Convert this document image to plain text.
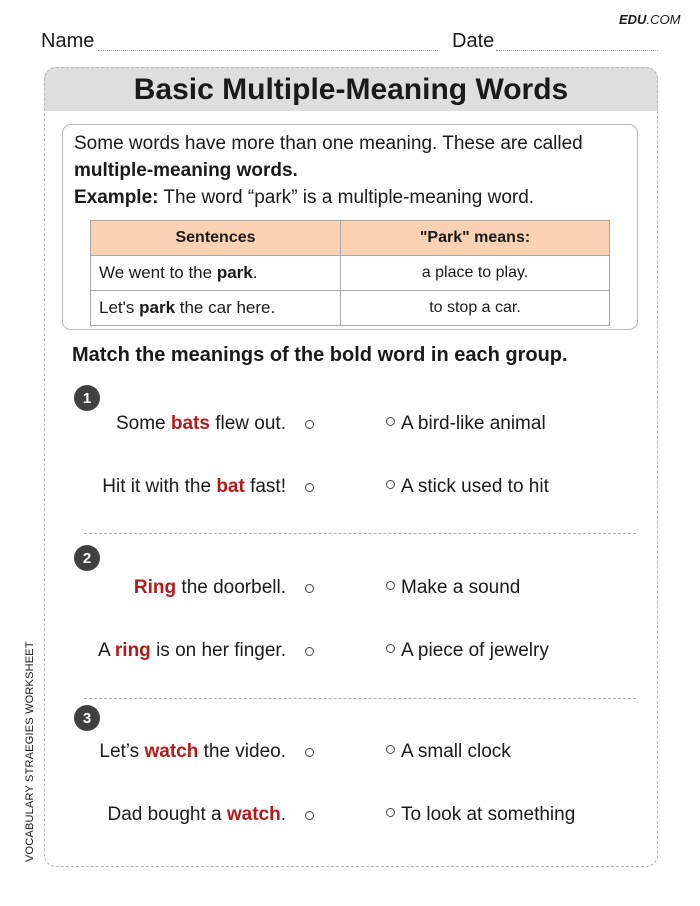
EDU.COM
Name	Date
Basic Multiple-Meaning Words

Some words have more than one meaning. These are called

multiple-meaning words.

Example: The word “park” is a multiple-meaning word.

Sentences	"Park" means:
We went to the park.	a place to play.
Let's park the car here.	to stop a car.
Match the meanings of the bold word in each group.
1
Some bats flew out.	A bird-like animal
Hit it with the bat fast!	A stick used to hit
2
Ring the doorbell.	Make a sound
A ring is on her finger.	A piece of jewelry
3
Let’s watch the video.	A small clock
Dad bought a watch.	To look at something
VOCABULARY STRAEGIES WORKSHEET
